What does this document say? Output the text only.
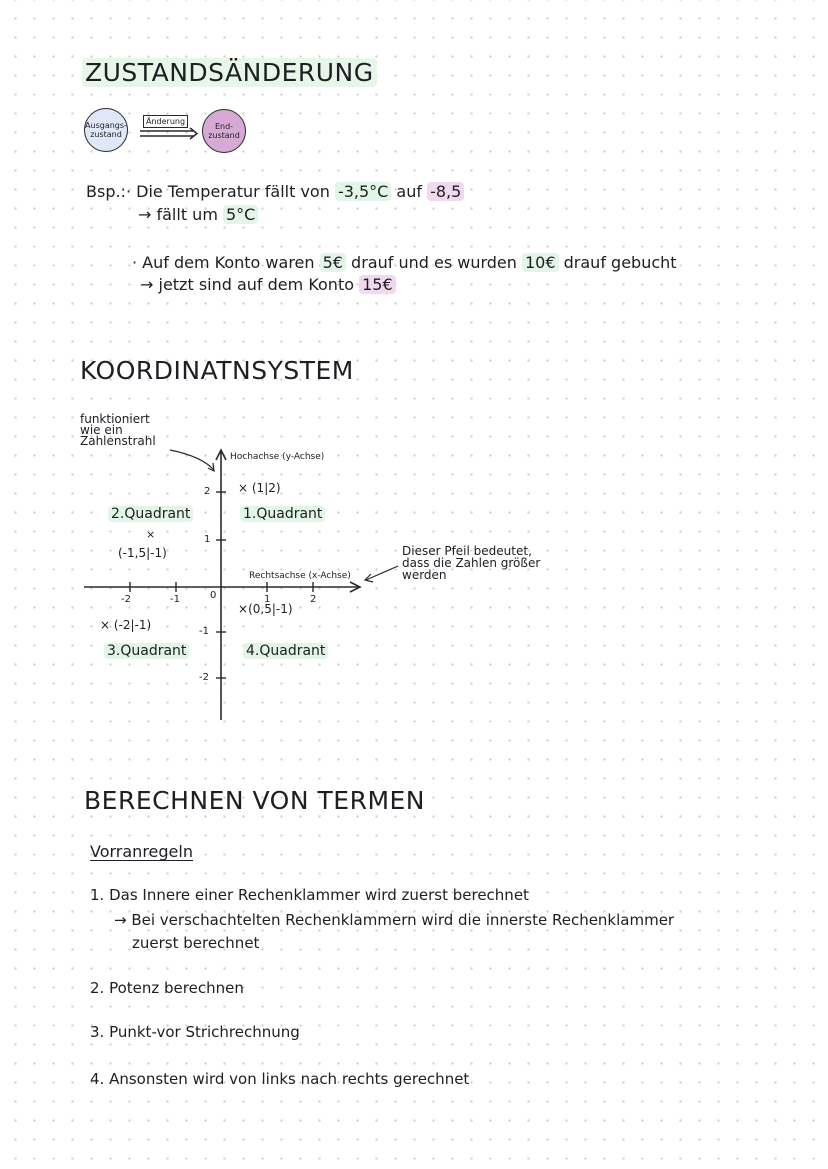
ZUSTANDSÄNDERUNG
Ausgangs-
zustand
Änderung
End-
zustand
Bsp.:· Die Temperatur fällt von -3,5°C auf -8,5
→ fällt um 5°C
· Auf dem Konto waren 5€ drauf und es wurden 10€ drauf gebucht
→ jetzt sind auf dem Konto 15€
KOORDINATNSYSTEM
funktioniert
wie ein
Zahlenstrahl
Hochachse (y-Achse)
Rechtsachse (x-Achse)
-2	-1	0	1	2
2
1
-1
-2
× (1|2)
×
(-1,5|-1)
× (-2|-1)
×(0,5|-1)
2.Quadrant	1.Quadrant
3.Quadrant	4.Quadrant
Dieser Pfeil bedeutet,
dass die Zahlen größer
werden
BERECHNEN VON TERMEN
Vorranregeln
1. Das Innere einer Rechenklammer wird zuerst berechnet
→ Bei verschachtelten Rechenklammern wird die innerste Rechenklammer
zuerst berechnet
2. Potenz berechnen
3. Punkt-vor Strichrechnung
4. Ansonsten wird von links nach rechts gerechnet
